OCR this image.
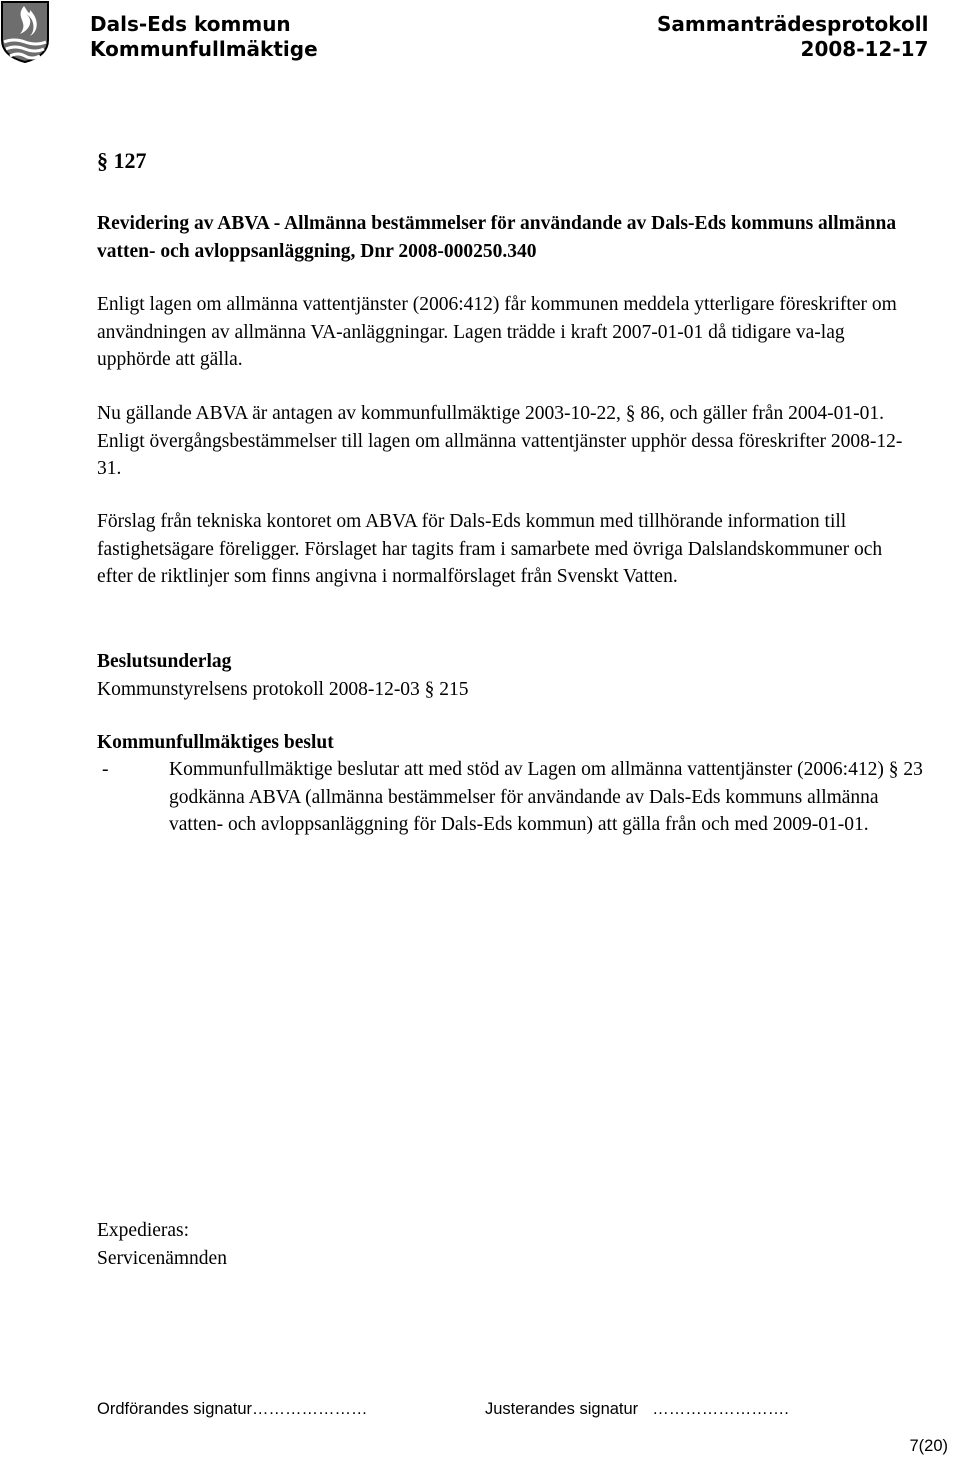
Dals-Eds kommun
Kommunfullmäktige
Sammanträdesprotokoll
2008-12-17
§ 127
Revidering av ABVA - Allmänna bestämmelser för användande av Dals-Eds kommuns allmänna vatten- och avloppsanläggning, Dnr 2008-000250.340
Enligt lagen om allmänna vattentjänster (2006:412) får kommunen meddela ytterligare föreskrifter om användningen av allmänna VA-anläggningar. Lagen trädde i kraft 2007-01-01 då tidigare va-lag upphörde att gälla.
Nu gällande ABVA är antagen av kommunfullmäktige 2003-10-22, § 86, och gäller från 2004-01-01. Enligt övergångsbestämmelser till lagen om allmänna vattentjänster upphör dessa föreskrifter 2008-12-31.
Förslag från tekniska kontoret om ABVA för Dals-Eds kommun med tillhörande information till fastighetsägare föreligger. Förslaget har tagits fram i samarbete med övriga Dalslandskommuner och efter de riktlinjer som finns angivna i normalförslaget från Svenskt Vatten.
Beslutsunderlag
Kommunstyrelsens protokoll 2008-12-03 § 215
Kommunfullmäktiges beslut
-	Kommunfullmäktige beslutar att med stöd av Lagen om allmänna vattentjänster (2006:412) § 23 godkänna ABVA (allmänna bestämmelser för användande av Dals-Eds kommuns allmänna vatten- och avloppsanläggning för Dals-Eds kommun) att gälla från och med 2009-01-01.
Expedieras:
Servicenämnden
Ordförandes signatur…………………	Justerandes signatur …………………….
7(20)
